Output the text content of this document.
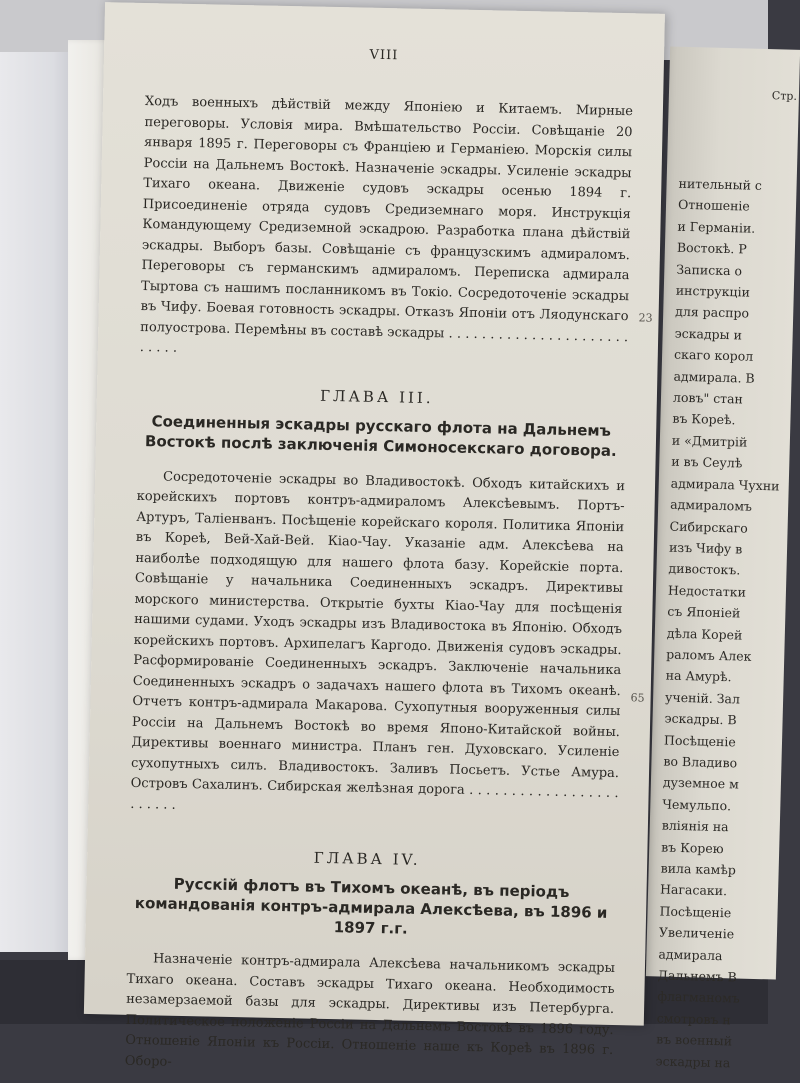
Стр.
нительный с
Отношенiе
и Германiи.
Востокѣ. Р
Записка о
инструкцiи
для распро
эскадры и
скаго корол
адмирала. В
ловъ" стан
въ Кореѣ.
и «Дмитрiй
и въ Сеулѣ
адмирала Чухни
адмираломъ
Сибирскаго
изъ Чифу в
дивостокъ.
Недостатки
съ Японiей
дѣла Корей
раломъ Алек
на Амурѣ.
ученiй. Зал
эскадры. В
Посѣщенiе
во Владиво
дуземное м
Чемульпо.
влiянiя на
въ Корею
вила камѣр
Нагасаки.
Посѣщенiе
Увеличенiе
адмирала
Дальнемъ В
флагманомъ
смотровъ н
въ военный
эскадры на
VIII

Ходъ военныхъ дѣйствiй между Японiею и Китаемъ. Мирные переговоры. Условiя мира. Вмѣшательство Россiи. Совѣщанiе 20 января 1895 г. Переговоры съ Францiею и Германiею. Морскiя силы Россiи на Дальнемъ Востокѣ. Назначенiе эскадры. Усиленiе эскадры Тихаго океана. Движенiе судовъ эскадры осенью 1894 г. Присоединенiе отряда судовъ Средиземнаго моря. Инструкцiя Командующему Средиземной эскадрою. Разработка плана дѣйствiй эскадры. Выборъ базы. Совѣщанiе съ французскимъ адмираломъ. Переговоры съ германскимъ адмираломъ. Переписка адмирала Тыртова съ нашимъ посланникомъ въ Токiо. Сосредоточенiе эскадры въ Чифу. Боевая готовность эскадры. Отказъ Японiи отъ Ляодунскаго полуострова. Перемѣны въ составѣ эскадры . . . . . . . . . . . . . . . . . . . . . . . . . . .

23
ГЛАВА III.
Соединенныя эскадры русскаго флота на Дальнемъ Востокѣ послѣ заключенiя Симоносекскаго договора.

Сосредоточенiе эскадры во Владивостокѣ. Обходъ китайскихъ и корейскихъ портовъ контръ-адмираломъ Алексѣевымъ. Портъ-Артуръ, Талiенванъ. Посѣщенiе корейскаго короля. Политика Японiи въ Кореѣ, Вей-Хай-Вей. Кiао-Чау. Указанiе адм. Алексѣева на наиболѣе подходящую для нашего флота базу. Корейскiе порта. Совѣщанiе у начальника Соединенныхъ эскадръ. Директивы морского министерства. Открытiе бухты Кiао-Чау для посѣщенiя нашими судами. Уходъ эскадры изъ Владивостока въ Японiю. Обходъ корейскихъ портовъ. Архипелагъ Каргодо. Движенiя судовъ эскадры. Расформированiе Соединенныхъ эскадръ. Заключенiе начальника Соединенныхъ эскадръ о задачахъ нашего флота въ Тихомъ океанѣ. Отчетъ контръ-адмирала Макарова. Сухопутныя вооруженныя силы Россiи на Дальнемъ Востокѣ во время Японо-Китайской войны. Директивы военнаго министра. Планъ ген. Духовскаго. Усиленiе сухопутныхъ силъ. Владивостокъ. Заливъ Посьетъ. Устье Амура. Островъ Сахалинъ. Сибирская желѣзная дорога . . . . . . . . . . . . . . . . . . . . . . . .

65
ГЛАВА IV.
Русскiй флотъ въ Тихомъ океанѣ, въ перiодъ командованiя контръ-адмирала Алексѣева, въ 1896 и 1897 г.г.

Назначенiе контръ-адмирала Алексѣева начальникомъ эскадры Тихаго океана. Составъ эскадры Тихаго океана. Необходимость незамерзаемой базы для эскадры. Директивы изъ Петербурга. Политическое положенiе Россiи на Дальнемъ Востокѣ въ 1896 году. Отношенiе Японiи къ Россiи. Отношенiе наше къ Кореѣ въ 1896 г. Оборо-
